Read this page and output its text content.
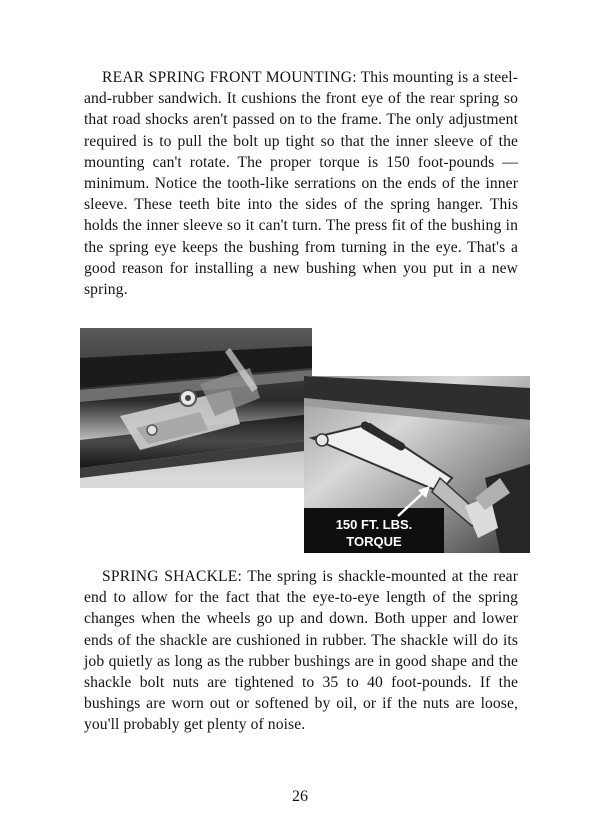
REAR SPRING FRONT MOUNTING: This mounting is a steel-and-rubber sandwich. It cushions the front eye of the rear spring so that road shocks aren't passed on to the frame. The only adjustment required is to pull the bolt up tight so that the inner sleeve of the mounting can't rotate. The proper torque is 150 foot-pounds — minimum. Notice the tooth-like serrations on the ends of the inner sleeve. These teeth bite into the sides of the spring hanger. This holds the inner sleeve so it can't turn. The press fit of the bushing in the spring eye keeps the bushing from turning in the eye. That's a good reason for installing a new bushing when you put in a new spring.

150 FT. LBS.
TORQUE

SPRING SHACKLE: The spring is shackle-mounted at the rear end to allow for the fact that the eye-to-eye length of the spring changes when the wheels go up and down. Both upper and lower ends of the shackle are cushioned in rubber. The shackle will do its job quietly as long as the rubber bushings are in good shape and the shackle bolt nuts are tightened to 35 to 40 foot-pounds. If the bushings are worn out or softened by oil, or if the nuts are loose, you'll probably get plenty of noise.

26
